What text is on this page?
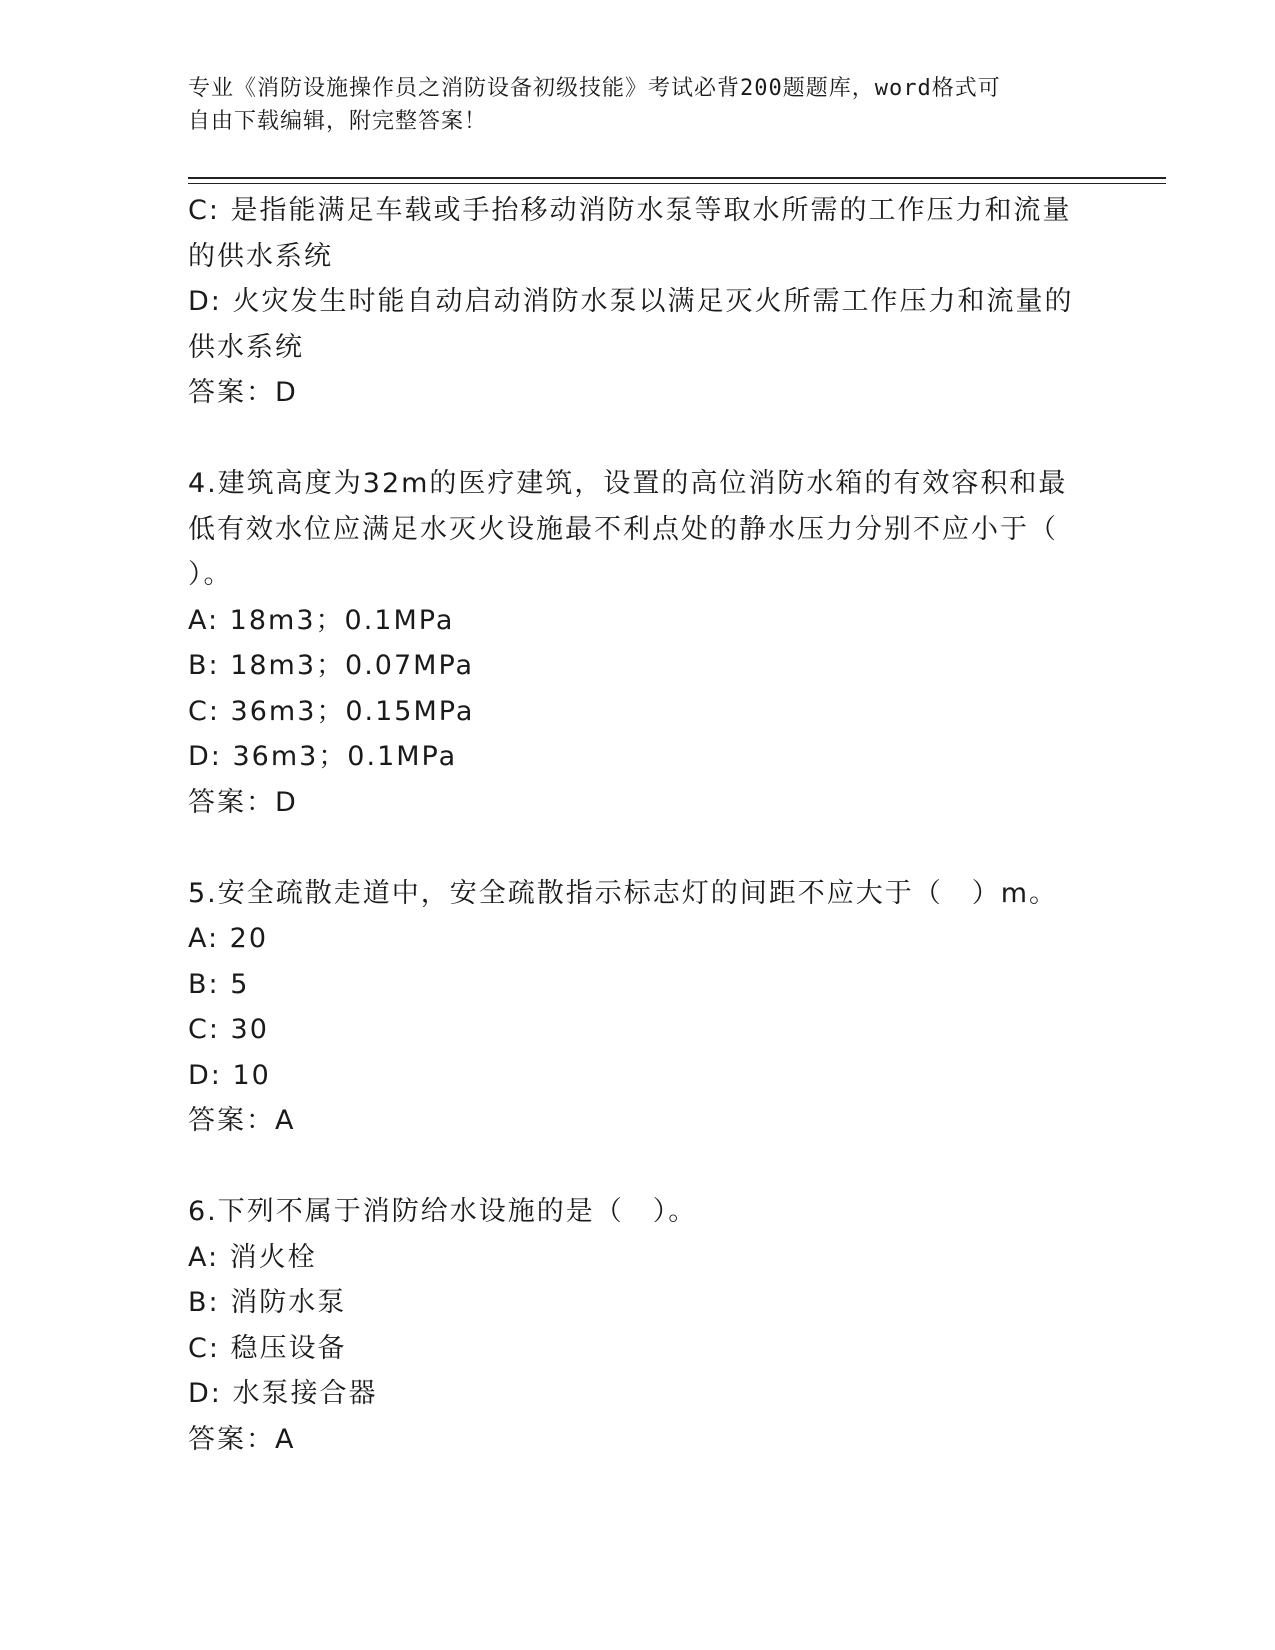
专业《消防设施操作员之消防设备初级技能》考试必背200题题库，word格式可
自由下载编辑，附完整答案！
C: 是指能满足车载或手抬移动消防水泵等取水所需的工作压力和流量
的供水系统
D: 火灾发生时能自动启动消防水泵以满足灭火所需工作压力和流量的
供水系统
答案：D
4.建筑高度为32m的医疗建筑，设置的高位消防水箱的有效容积和最
低有效水位应满足水灭火设施最不利点处的静水压力分别不应小于（
）。
A: 18m3；0.1MPa
B: 18m3；0.07MPa
C: 36m3；0.15MPa
D: 36m3；0.1MPa
答案：D
5.安全疏散走道中，安全疏散指示标志灯的间距不应大于（　）m。
A: 20
B: 5
C: 30
D: 10
答案：A
6.下列不属于消防给水设施的是（　）。
A: 消火栓
B: 消防水泵
C: 稳压设备
D: 水泵接合器
答案：A
